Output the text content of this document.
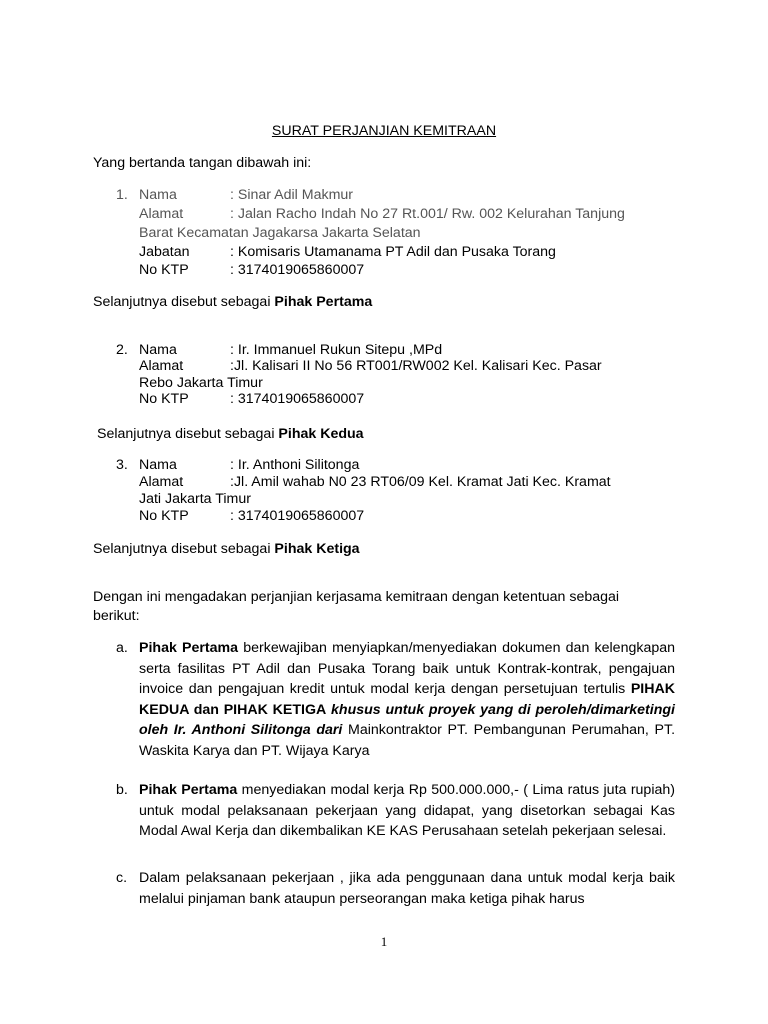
SURAT PERJANJIAN KEMITRAAN
Yang bertanda tangan dibawah ini:
1. Nama	: Sinar Adil Makmur
Alamat	: Jalan Racho Indah No 27 Rt.001/ Rw. 002 Kelurahan Tanjung
Barat Kecamatan Jagakarsa Jakarta Selatan
Jabatan	: Komisaris Utamanama PT Adil dan Pusaka Torang
No KTP	: 3174019065860007
Selanjutnya disebut sebagai Pihak Pertama
2. Nama	: Ir. Immanuel Rukun Sitepu ,MPd
Alamat	:Jl. Kalisari II No 56 RT001/RW002 Kel. Kalisari Kec. Pasar
Rebo Jakarta Timur
No KTP	: 3174019065860007
Selanjutnya disebut sebagai Pihak Kedua
3. Nama	: Ir. Anthoni Silitonga
Alamat	:Jl. Amil wahab N0 23 RT06/09 Kel. Kramat Jati Kec. Kramat
Jati Jakarta Timur
No KTP	: 3174019065860007
Selanjutnya disebut sebagai Pihak Ketiga
Dengan ini mengadakan perjanjian kerjasama kemitraan dengan ketentuan sebagai
berikut:
a. Pihak Pertama berkewajiban menyiapkan/menyediakan dokumen dan kelengkapan serta fasilitas PT Adil dan Pusaka Torang baik untuk Kontrak-kontrak, pengajuan invoice dan pengajuan kredit untuk modal kerja dengan persetujuan tertulis PIHAK KEDUA dan PIHAK KETIGA khusus untuk proyek yang di peroleh/dimarketingi oleh Ir. Anthoni Silitonga dari Mainkontraktor PT. Pembangunan Perumahan, PT. Waskita Karya dan PT. Wijaya Karya
b. Pihak Pertama menyediakan modal kerja Rp 500.000.000,- ( Lima ratus juta rupiah) untuk modal pelaksanaan pekerjaan yang didapat, yang disetorkan sebagai Kas Modal Awal Kerja dan dikembalikan KE KAS Perusahaan setelah pekerjaan selesai.
c. Dalam pelaksanaan pekerjaan , jika ada penggunaan dana untuk modal kerja baik melalui pinjaman bank ataupun perseorangan maka ketiga pihak harus
1
